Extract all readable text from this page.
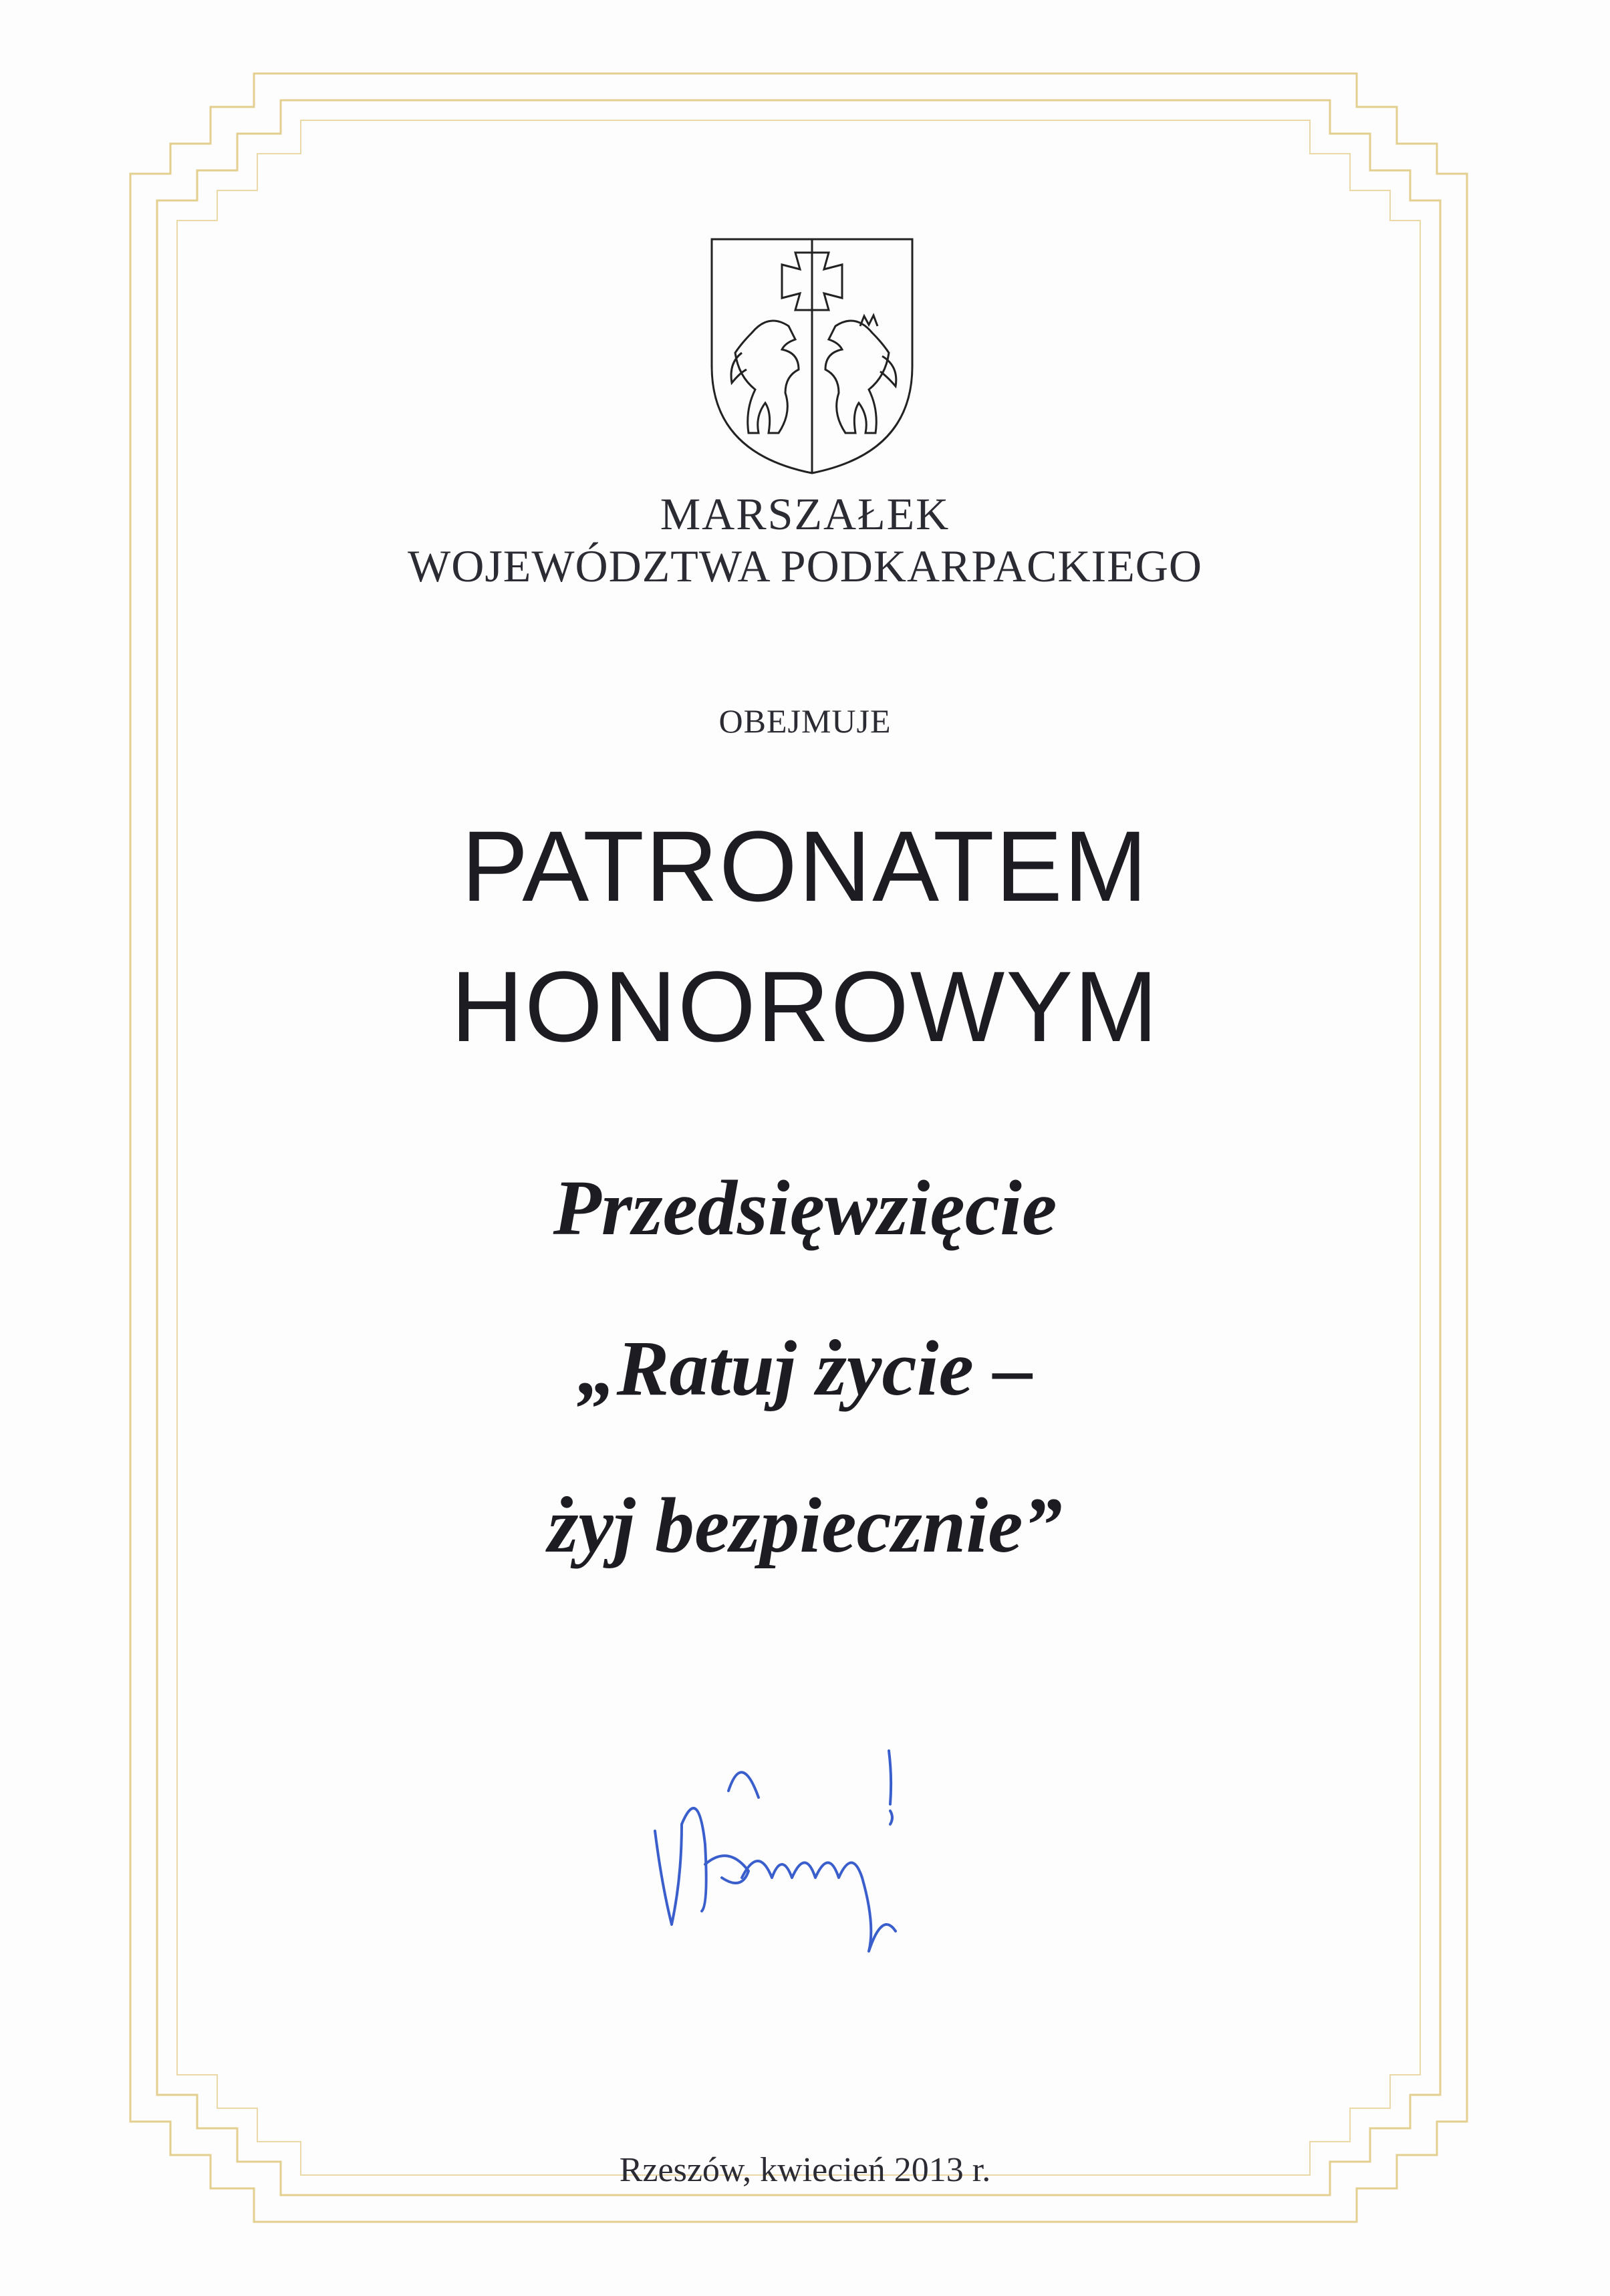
MARSZAŁEK

WOJEWÓDZTWA PODKARPACKIEGO

OBEJMUJE

PATRONATEM

HONOROWYM

Przedsięwzięcie

„Ratuj życie –

żyj bezpiecznie”

Rzeszów, kwiecień 2013 r.
